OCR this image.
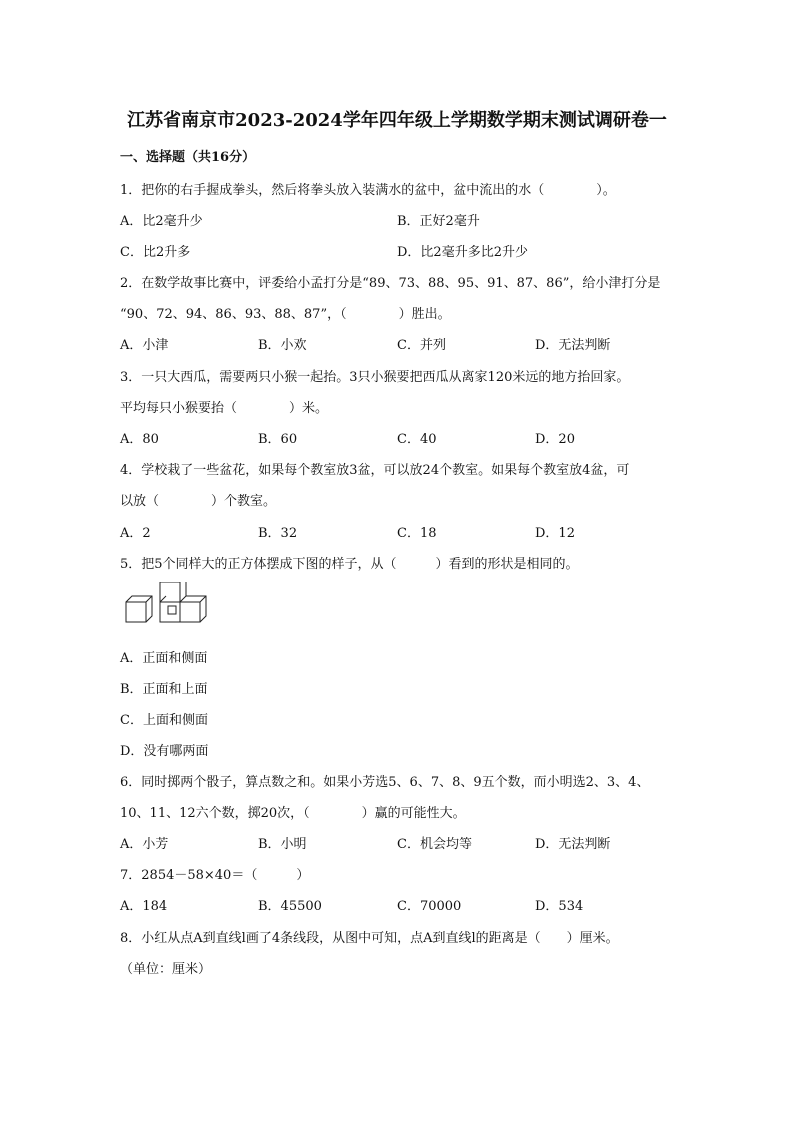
江苏省南京市2023-2024学年四年级上学期数学期末测试调研卷一
一、选择题（共16分）
1．把你的右手握成拳头，然后将拳头放入装满水的盆中，盆中流出的水（　　　　）。
A．比2毫升少	B．正好2毫升
C．比2升多	D．比2毫升多比2升少
2．在数学故事比赛中，评委给小孟打分是“89、73、88、95、91、87、86”，给小津打分是
“90、72、94、86、93、88、87”，（　　　　）胜出。
A．小津	B．小欢	C．并列	D．无法判断
3．一只大西瓜，需要两只小猴一起抬。3只小猴要把西瓜从离家120米远的地方抬回家。
平均每只小猴要抬（　　　　）米。
A．80	B．60	C．40	D．20
4．学校栽了一些盆花，如果每个教室放3盆，可以放24个教室。如果每个教室放4盆，可
以放（　　　　）个教室。
A．2	B．32	C．18	D．12
5．把5个同样大的正方体摆成下图的样子，从（　　　）看到的形状是相同的。
A．正面和侧面
B．正面和上面
C．上面和侧面
D．没有哪两面
6．同时掷两个骰子，算点数之和。如果小芳选5、6、7、8、9五个数，而小明选2、3、4、
10、11、12六个数，掷20次，（　　　　）赢的可能性大。
A．小芳	B．小明	C．机会均等	D．无法判断
7．2854－58×40＝（　　　）
A．184	B．45500	C．70000	D．534
8．小红从点A到直线l画了4条线段，从图中可知，点A到直线l的距离是（　　）厘米。
（单位：厘米）
